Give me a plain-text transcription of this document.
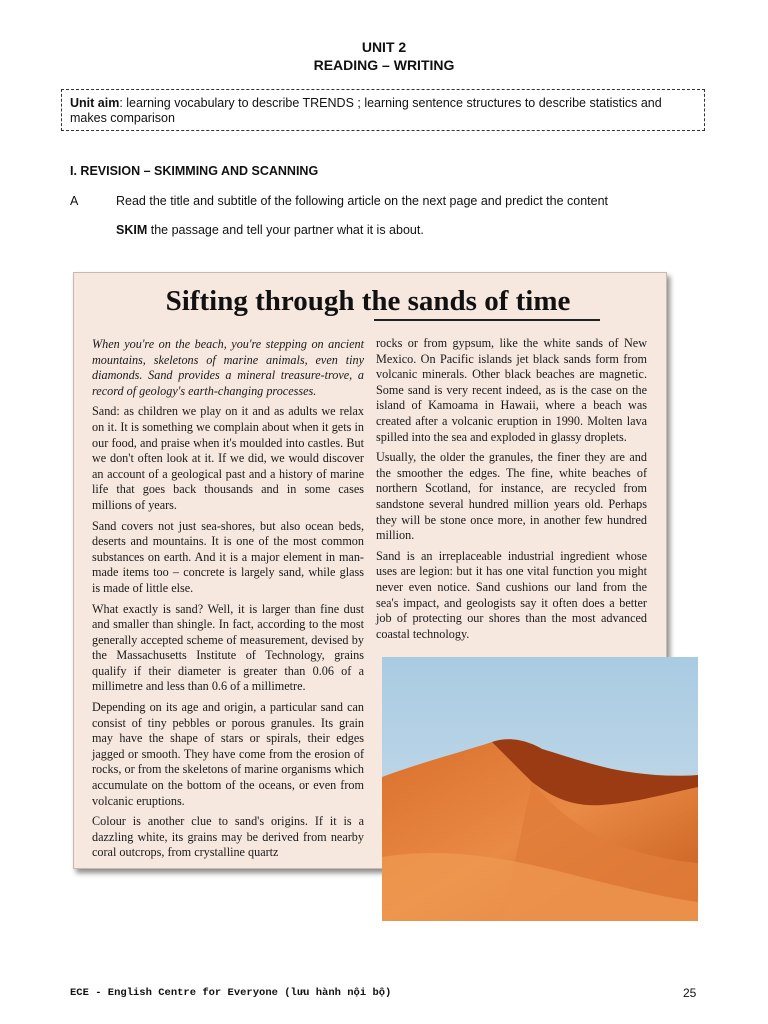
UNIT 2
READING – WRITING
Unit aim: learning vocabulary to describe TRENDS ; learning sentence structures to describe statistics and makes comparison
I. REVISION – SKIMMING AND SCANNING
A	Read the title and subtitle of the following article on the next page and predict the content
SKIM the passage and tell your partner what it is about.
Sifting through the sands of time

When you're on the beach, you're stepping on ancient mountains, skeletons of marine animals, even tiny diamonds. Sand provides a mineral treasure-trove, a record of geology's earth-changing processes.

Sand: as children we play on it and as adults we relax on it. It is something we complain about when it gets in our food, and praise when it's moulded into castles. But we don't often look at it. If we did, we would discover an account of a geological past and a history of marine life that goes back thousands and in some cases millions of years.

Sand covers not just sea-shores, but also ocean beds, deserts and mountains. It is one of the most common substances on earth. And it is a major element in man-made items too – concrete is largely sand, while glass is made of little else.

What exactly is sand? Well, it is larger than fine dust and smaller than shingle. In fact, according to the most generally accepted scheme of measurement, devised by the Massachusetts Institute of Technology, grains qualify if their diameter is greater than 0.06 of a millimetre and less than 0.6 of a millimetre.

Depending on its age and origin, a particular sand can consist of tiny pebbles or porous granules. Its grain may have the shape of stars or spirals, their edges jagged or smooth. They have come from the erosion of rocks, or from the skeletons of marine organisms which accumulate on the bottom of the oceans, or even from volcanic eruptions.

Colour is another clue to sand's origins. If it is a dazzling white, its grains may be derived from nearby coral outcrops, from crystalline quartz

rocks or from gypsum, like the white sands of New Mexico. On Pacific islands jet black sands form from volcanic minerals. Other black beaches are magnetic. Some sand is very recent indeed, as is the case on the island of Kamoama in Hawaii, where a beach was created after a volcanic eruption in 1990. Molten lava spilled into the sea and exploded in glassy droplets.

Usually, the older the granules, the finer they are and the smoother the edges. The fine, white beaches of northern Scotland, for instance, are recycled from sandstone several hundred million years old. Perhaps they will be stone once more, in another few hundred million.

Sand is an irreplaceable industrial ingredient whose uses are legion: but it has one vital function you might never even notice. Sand cushions our land from the sea's impact, and geologists say it often does a better job of protecting our shores than the most advanced coastal technology.

ECE - English Centre for Everyone (lưu hành nội bộ)	25
